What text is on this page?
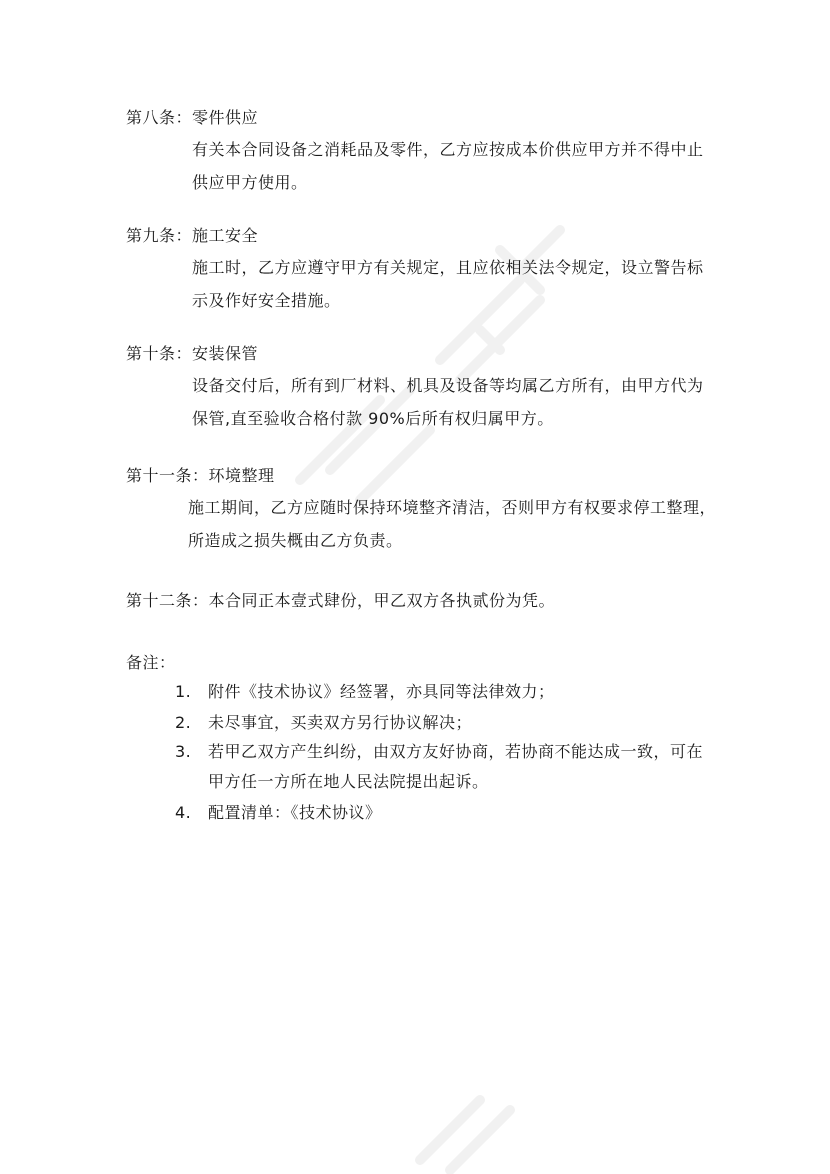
第八条：零件供应
有关本合同设备之消耗品及零件，乙方应按成本价供应甲方并不得中止
供应甲方使用。
第九条：施工安全
施工时，乙方应遵守甲方有关规定，且应依相关法令规定，设立警告标
示及作好安全措施。
第十条：安装保管
设备交付后，所有到厂材料、机具及设备等均属乙方所有，由甲方代为
保管,直至验收合格付款 90%后所有权归属甲方。
第十一条：环境整理
施工期间，乙方应随时保持环境整齐清洁，否则甲方有权要求停工整理，
所造成之损失概由乙方负责。
第十二条：本合同正本壹式肆份，甲乙双方各执贰份为凭。
备注：
1. 附件《技术协议》经签署，亦具同等法律效力；
2. 未尽事宜，买卖双方另行协议解决；
3. 若甲乙双方产生纠纷，由双方友好协商，若协商不能达成一致，可在
甲方任一方所在地人民法院提出起诉。
4. 配置清单：《技术协议》
